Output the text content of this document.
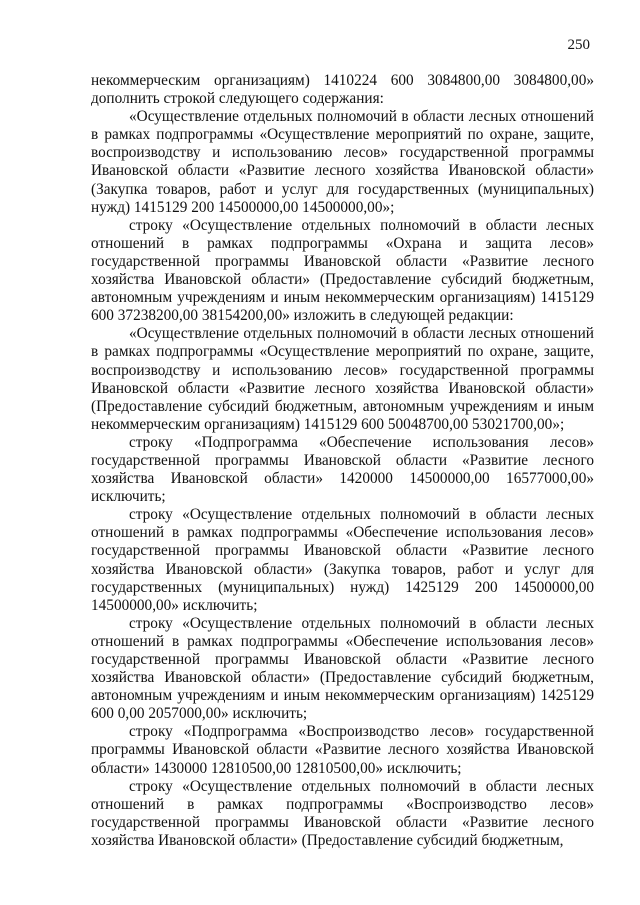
250

некоммерческим организациям) 1410224 600 3084800,00 3084800,00» дополнить строкой следующего содержания:

«Осуществление отдельных полномочий в области лесных отношений в рамках подпрограммы «Осуществление мероприятий по охране, защите, воспроизводству и использованию лесов» государственной программы Ивановской области «Развитие лесного хозяйства Ивановской области» (Закупка товаров, работ и услуг для государственных (муниципальных) нужд) 1415129 200 14500000,00 14500000,00»;

строку «Осуществление отдельных полномочий в области лесных отношений в рамках подпрограммы «Охрана и защита лесов» государственной программы Ивановской области «Развитие лесного хозяйства Ивановской области» (Предоставление субсидий бюджетным, автономным учреждениям и иным некоммерческим организациям) 1415129 600 37238200,00 38154200,00» изложить в следующей редакции:

«Осуществление отдельных полномочий в области лесных отношений в рамках подпрограммы «Осуществление мероприятий по охране, защите, воспроизводству и использованию лесов» государственной программы Ивановской области «Развитие лесного хозяйства Ивановской области» (Предоставление субсидий бюджетным, автономным учреждениям и иным некоммерческим организациям) 1415129 600 50048700,00 53021700,00»;

строку «Подпрограмма «Обеспечение использования лесов» государственной программы Ивановской области «Развитие лесного хозяйства Ивановской области» 1420000 14500000,00 16577000,00» исключить;

строку «Осуществление отдельных полномочий в области лесных отношений в рамках подпрограммы «Обеспечение использования лесов» государственной программы Ивановской области «Развитие лесного хозяйства Ивановской области» (Закупка товаров, работ и услуг для государственных (муниципальных) нужд) 1425129 200 14500000,00 14500000,00» исключить;

строку «Осуществление отдельных полномочий в области лесных отношений в рамках подпрограммы «Обеспечение использования лесов» государственной программы Ивановской области «Развитие лесного хозяйства Ивановской области» (Предоставление субсидий бюджетным, автономным учреждениям и иным некоммерческим организациям) 1425129 600 0,00 2057000,00» исключить;

строку «Подпрограмма «Воспроизводство лесов» государственной программы Ивановской области «Развитие лесного хозяйства Ивановской области» 1430000 12810500,00 12810500,00» исключить;

строку «Осуществление отдельных полномочий в области лесных отношений в рамках подпрограммы «Воспроизводство лесов» государственной программы Ивановской области «Развитие лесного хозяйства Ивановской области» (Предоставление субсидий бюджетным,
